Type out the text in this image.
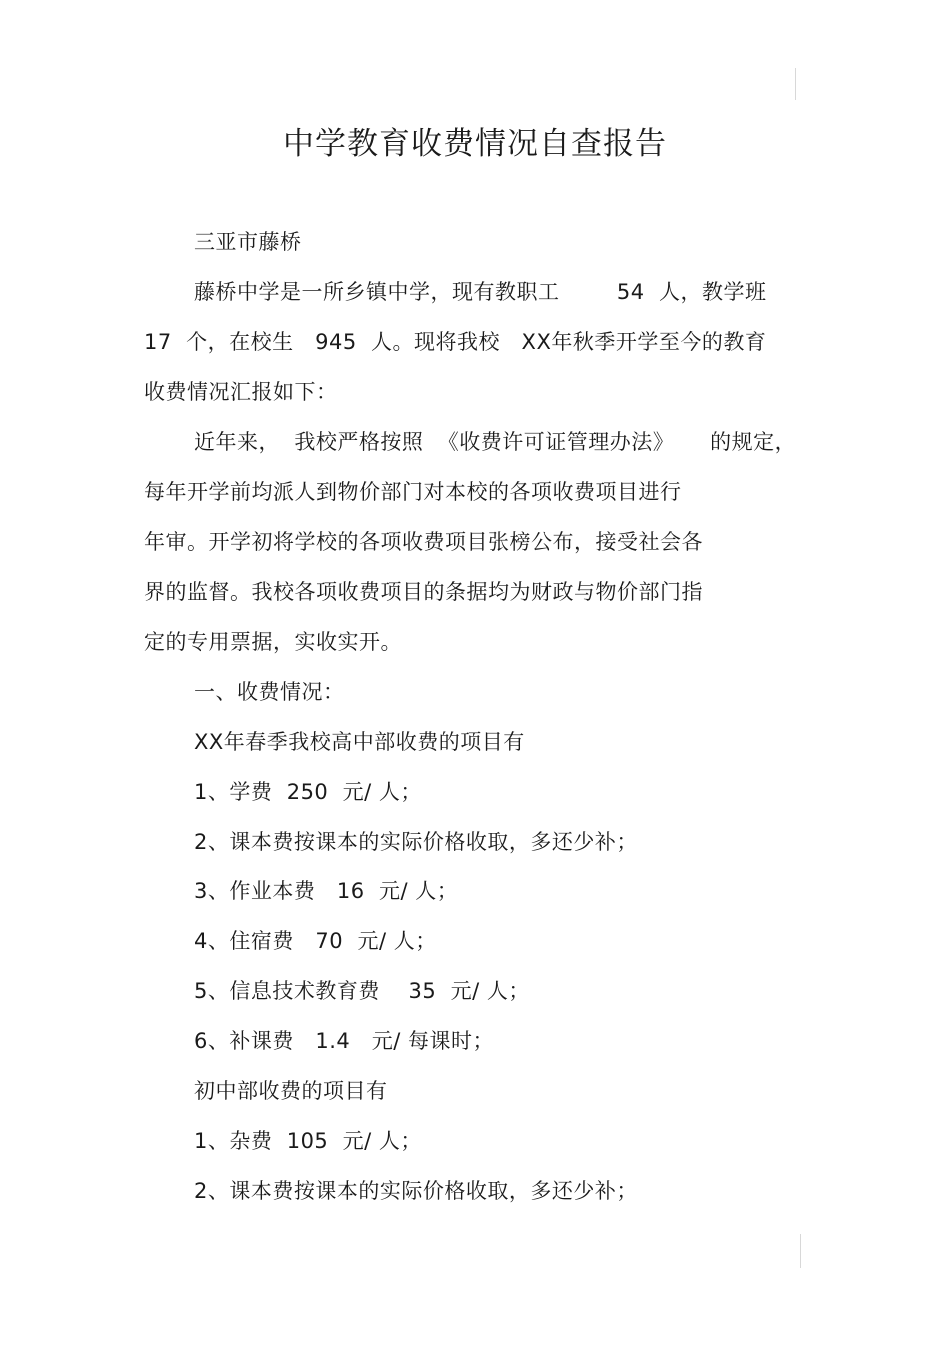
中学教育收费情况自查报告
三亚市藤桥
藤桥中学是一所乡镇中学，现有教职工        54  人，教学班
17  个，在校生   945  人。现将我校   XX年秋季开学至今的教育
收费情况汇报如下：
近年来，  我校严格按照  《收费许可证管理办法》     的规定，
每年开学前均派人到物价部门对本校的各项收费项目进行
年审。开学初将学校的各项收费项目张榜公布，接受社会各
界的监督。我校各项收费项目的条据均为财政与物价部门指
定的专用票据，实收实开。
一、收费情况：
XX年春季我校高中部收费的项目有
1、学费  250  元/ 人；
2、课本费按课本的实际价格收取，多还少补；
3、作业本费   16  元/ 人；
4、住宿费   70  元/ 人；
5、信息技术教育费    35  元/ 人；
6、补课费   1.4   元/ 每课时；
初中部收费的项目有
1、杂费  105  元/ 人；
2、课本费按课本的实际价格收取，多还少补；
